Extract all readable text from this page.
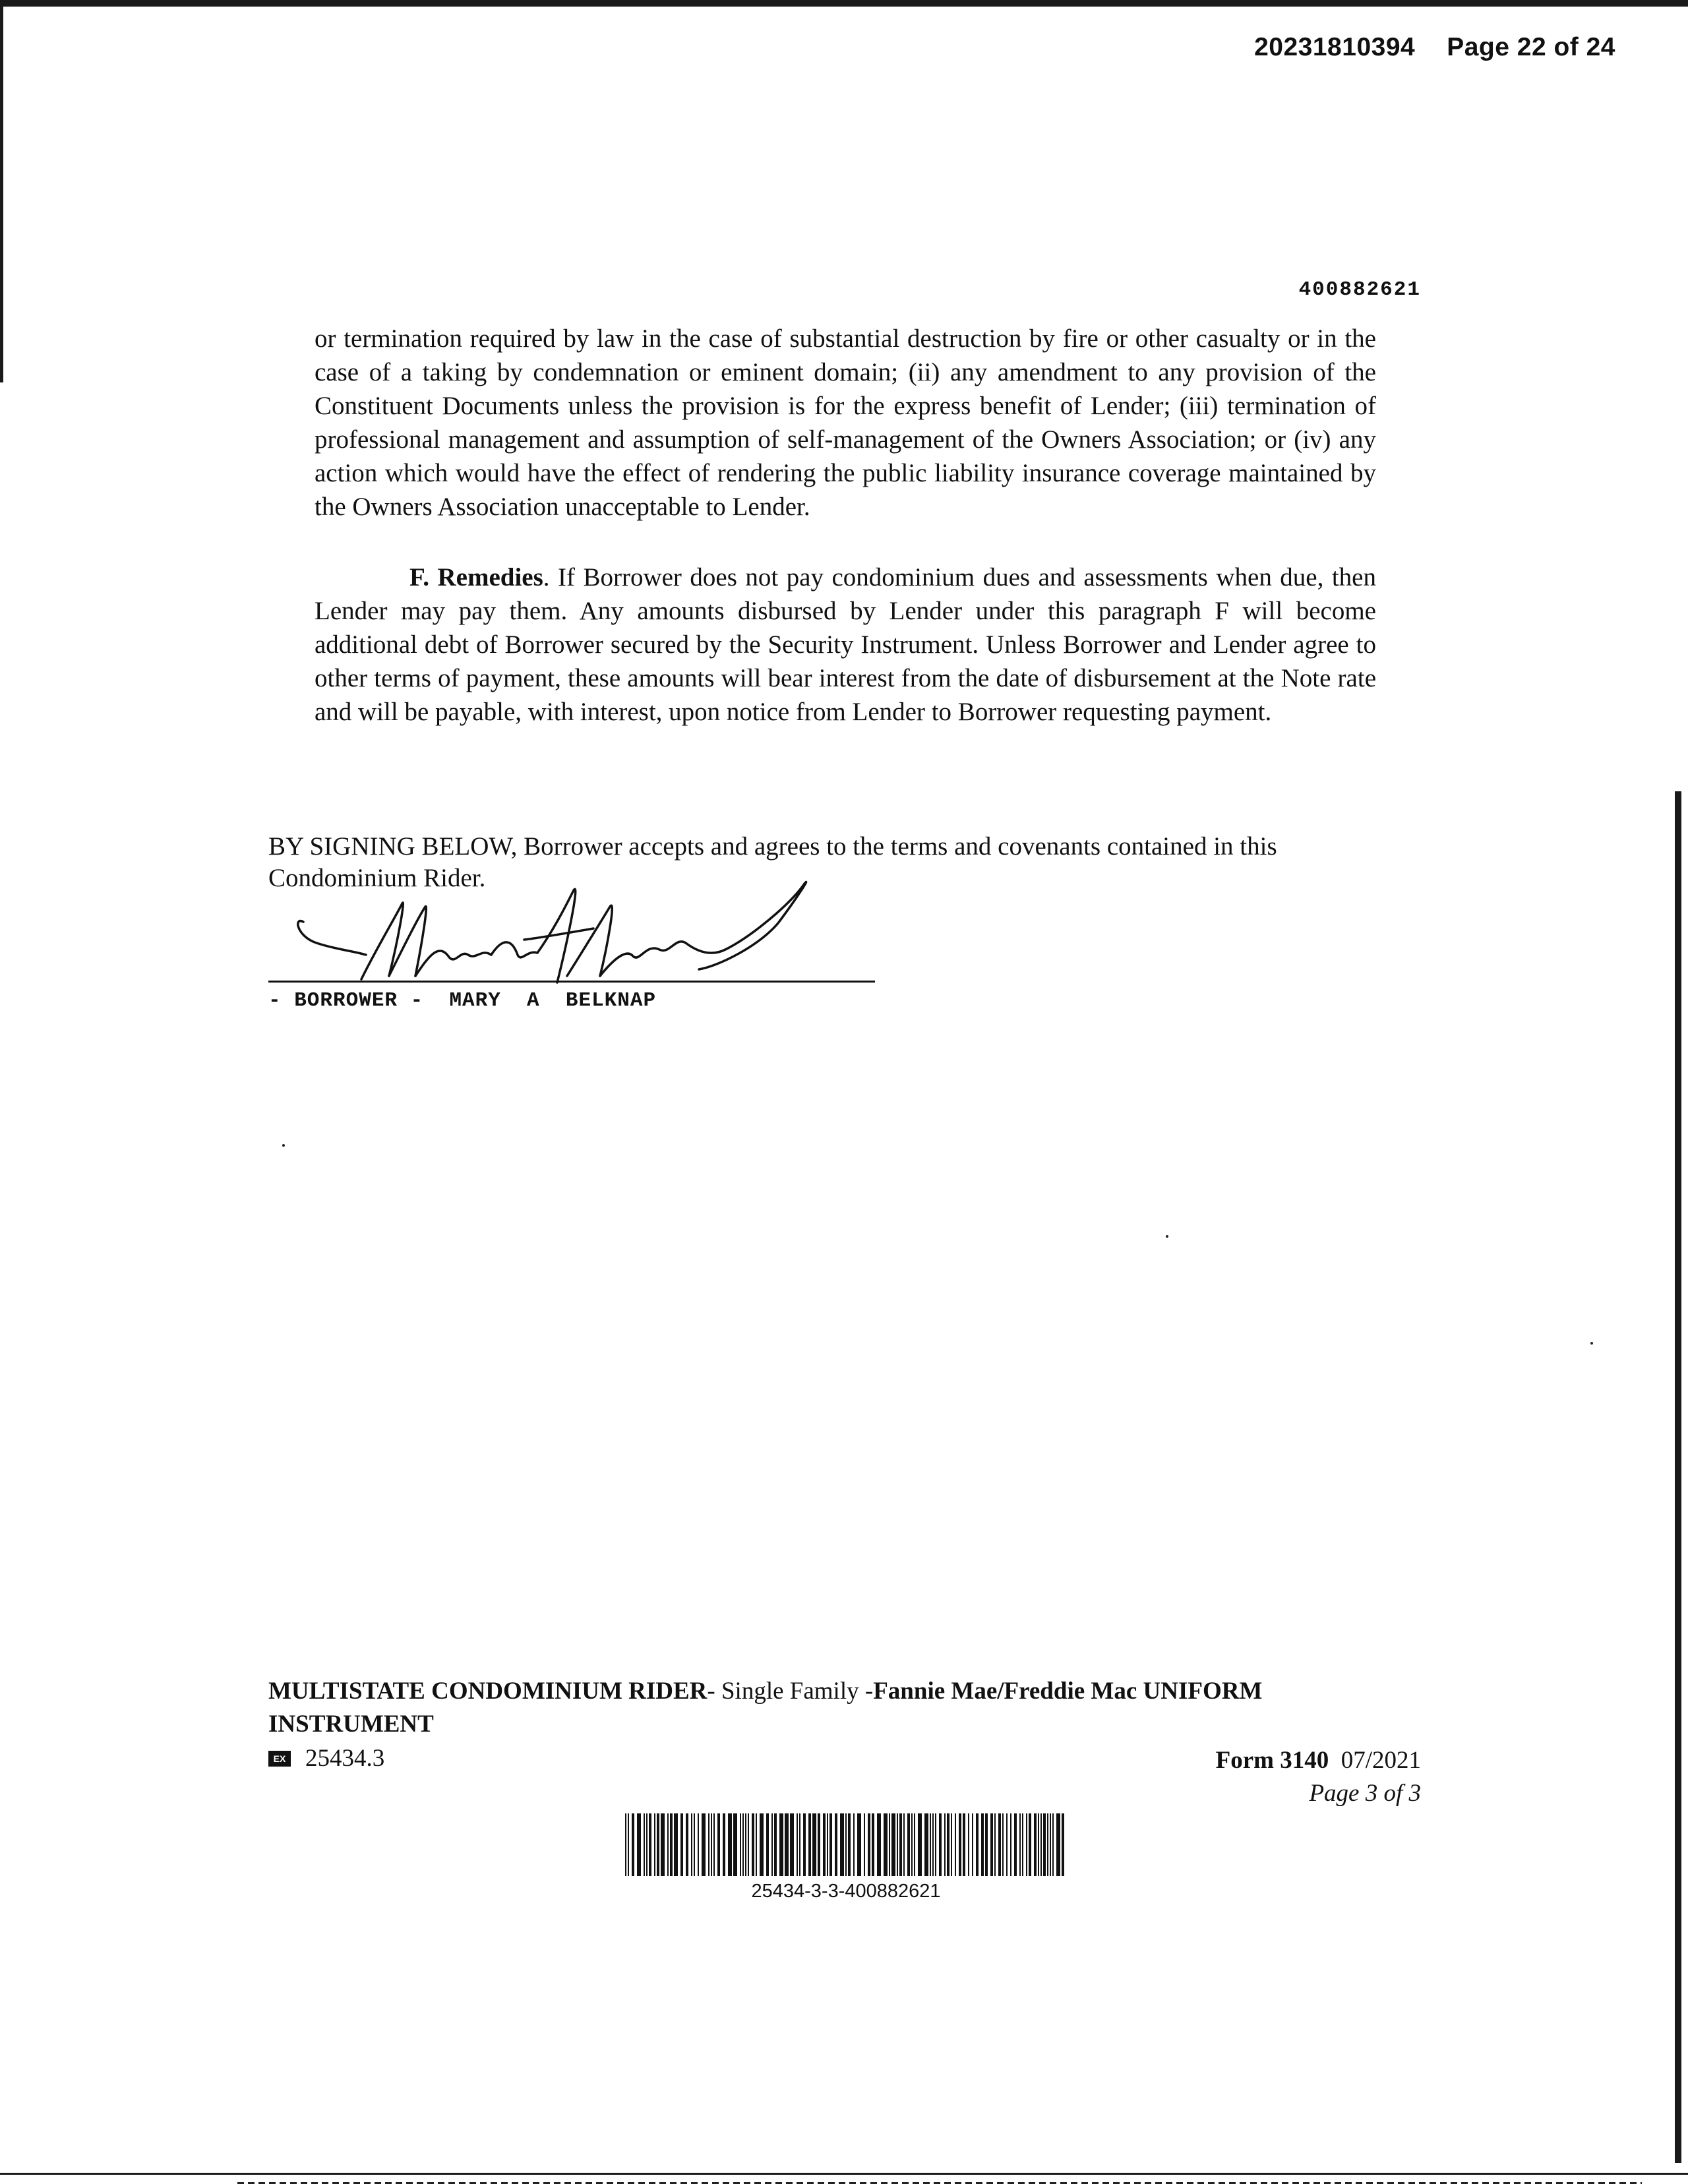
20231810394 Page 22 of 24
400882621
or termination required by law in the case of substantial destruction by fire or other casualty or in the case of a taking by condemnation or eminent domain; (ii) any amendment to any provision of the Constituent Documents unless the provision is for the express benefit of Lender; (iii) termination of professional management and assumption of self-management of the Owners Association; or (iv) any action which would have the effect of rendering the public liability insurance coverage maintained by the Owners Association unacceptable to Lender.
F. Remedies. If Borrower does not pay condominium dues and assessments when due, then Lender may pay them. Any amounts disbursed by Lender under this paragraph F will become additional debt of Borrower secured by the Security Instrument. Unless Borrower and Lender agree to other terms of payment, these amounts will bear interest from the date of disbursement at the Note rate and will be payable, with interest, upon notice from Lender to Borrower requesting payment.
BY SIGNING BELOW, Borrower accepts and agrees to the terms and covenants contained in this Condominium Rider.
- BORROWER -  MARY  A  BELKNAP
MULTISTATE CONDOMINIUM RIDER- Single Family -Fannie Mae/Freddie Mac UNIFORM INSTRUMENT
EX 25434.3	Form 3140 07/2021
Page 3 of 3
25434-3-3-400882621
